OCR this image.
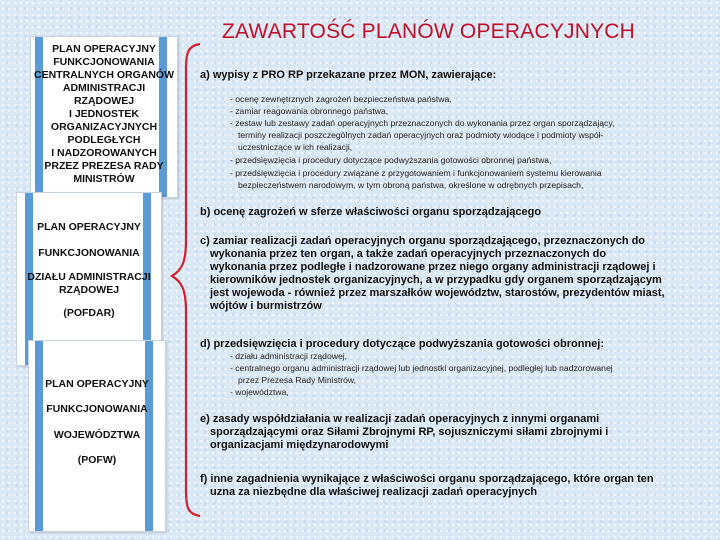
ZAWARTOŚĆ PLANÓW OPERACYJNYCH
PLAN OPERACYJNY
FUNKCJONOWANIA
CENTRALNYCH ORGANÓW
ADMINISTRACJI
RZĄDOWEJ
I JEDNOSTEK
ORGANIZACYJNYCH
PODLEGŁYCH
I NADZOROWANYCH
PRZEZ PREZESA RADY
MINISTRÓW
PLAN OPERACYJNY
FUNKCJONOWANIA
DZIAŁU ADMINISTRACJI
RZĄDOWEJ
(POFDAR)
PLAN OPERACYJNY
FUNKCJONOWANIA
WOJEWÓDZTWA
(POFW)
a) wypisy z PRO RP przekazane przez MON, zawierające:
- ocenę zewnętrznych zagrożeń bezpieczeństwa państwa,
- zamiar reagowania obronnego państwa,
- zestaw lub zestawy zadań operacyjnych przeznaczonych do wykonania przez organ sporządzający,
terminy realizacji poszczególnych zadań operacyjnych oraz podmioty wiodące i podmioty współ-
uczestniczące w ich realizacji,
- przedsięwzięcia i procedury dotyczące podwyższania gotowości obronnej państwa,
- przedsięwzięcia i procedury związane z przygotowaniem i funkcjonowaniem systemu kierowania
bezpieczeństwem narodowym, w tym obroną państwa, określone w odrębnych przepisach,
b) ocenę zagrożeń w sferze właściwości organu sporządzającego
c) zamiar realizacji zadań operacyjnych organu sporządzającego, przeznaczonych do
wykonania przez ten organ, a także zadań operacyjnych przeznaczonych do
wykonania przez podległe i nadzorowane przez niego organy administracji rządowej i
kierowników jednostek organizacyjnych, a w przypadku gdy organem sporządzającym
jest wojewoda - również przez marszałków województw, starostów, prezydentów miast,
wójtów i burmistrzów
d) przedsięwzięcia i procedury dotyczące podwyższania gotowości obronnej:
- działu administracji rządowej,
- centralnego organu administracji rządowej lub jednostki organizacyjnej, podległej lub nadzorowanej
przez Prezesa Rady Ministrów,
- województwa,
e) zasady współdziałania w realizacji zadań operacyjnych z innymi organami
sporządzającymi oraz Siłami Zbrojnymi RP, sojuszniczymi siłami zbrojnymi i
organizacjami międzynarodowymi
f) inne zagadnienia wynikające z właściwości organu sporządzającego, które organ ten
uzna za niezbędne dla właściwej realizacji zadań operacyjnych
